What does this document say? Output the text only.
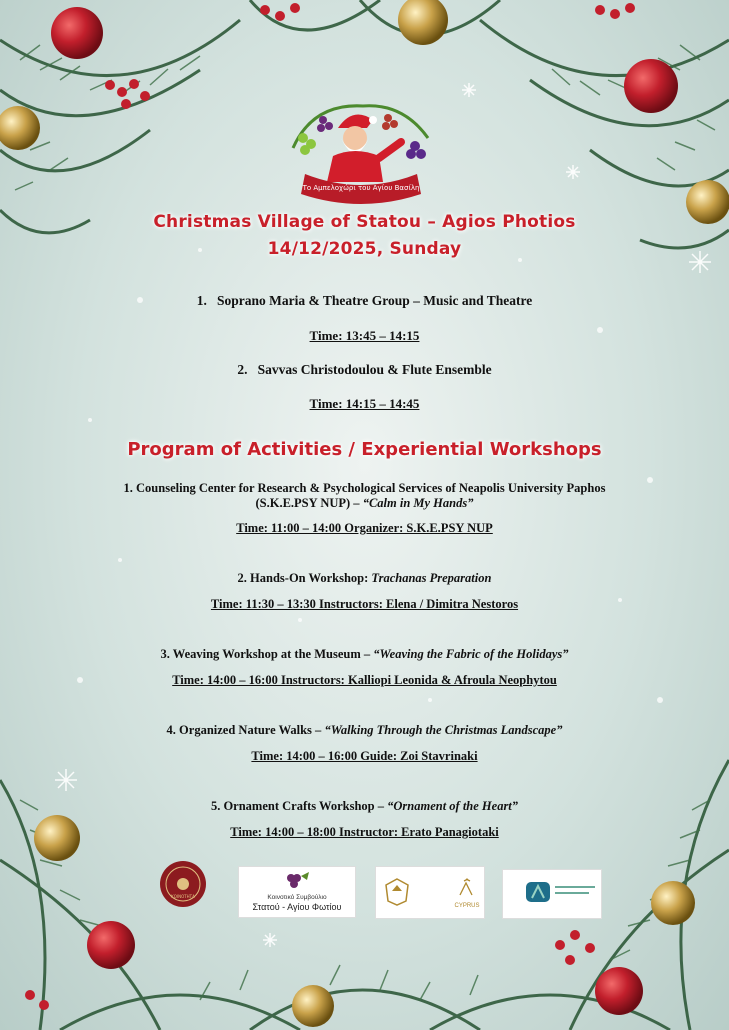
Το Αμπελοχώρι του Αγίου Βασίλη
Christmas Village of Statou – Agios Photios
14/12/2025, Sunday
1. Soprano Maria & Theatre Group – Music and Theatre
Time: 13:45 – 14:15
2. Savvas Christodoulou & Flute Ensemble
Time: 14:15 – 14:45
Program of Activities / Experiential Workshops
1. Counseling Center for Research & Psychological Services of Neapolis University Paphos
(S.K.E.PSY NUP) – “Calm in My Hands”
Time: 11:00 – 14:00 Organizer: S.K.E.PSY NUP
2. Hands-On Workshop: Trachanas Preparation
Time: 11:30 – 13:30 Instructors: Elena / Dimitra Nestoros
3. Weaving Workshop at the Museum – “Weaving the Fabric of the Holidays”
Time: 14:00 – 16:00 Instructors: Kalliopi Leonida & Afroula Neophytou
4. Organized Nature Walks – “Walking Through the Christmas Landscape”
Time: 14:00 – 16:00 Guide: Zoi Stavrinaki
5. Ornament Crafts Workshop – “Ornament of the Heart”
Time: 14:00 – 18:00 Instructor: Erato Panagiotaki
ΚΟΙΝΟΤΗΤΑ	Κοινοτικό Συμβούλιο
Στατού - Αγίου Φωτίου	CYPRUS
